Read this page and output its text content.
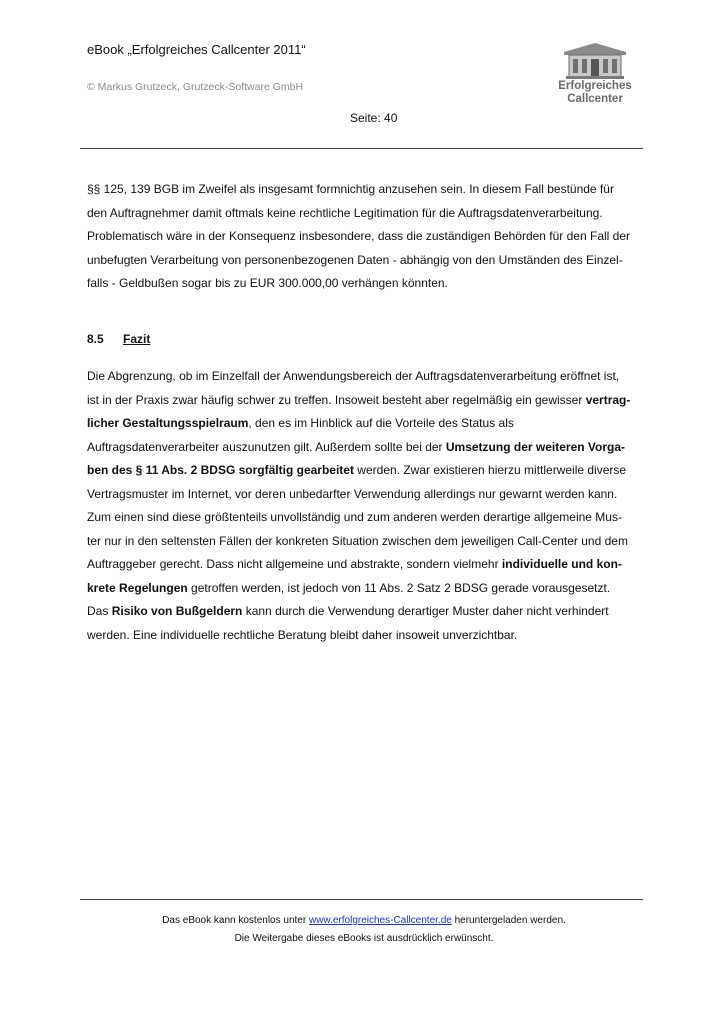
eBook „Erfolgreiches Callcenter 2011“
© Markus Grutzeck, Grutzeck-Software GmbH
Seite: 40
Erfolgreiches
Callcenter
§§ 125, 139 BGB im Zweifel als insgesamt formnichtig anzusehen sein. In diesem Fall bestünde für
den Auftragnehmer damit oftmals keine rechtliche Legitimation für die Auftragsdatenverarbeitung.
Problematisch wäre in der Konsequenz insbesondere, dass die zuständigen Behörden für den Fall der
unbefugten Verarbeitung von personenbezogenen Daten - abhängig von den Umständen des Einzel-
falls - Geldbußen sogar bis zu EUR 300.000,00 verhängen könnten.
8.5 Fazit
Die Abgrenzung, ob im Einzelfall der Anwendungsbereich der Auftragsdatenverarbeitung eröffnet ist,
ist in der Praxis zwar häufig schwer zu treffen. Insoweit besteht aber regelmäßig ein gewisser vertrag-
licher Gestaltungsspielraum, den es im Hinblick auf die Vorteile des Status als
Auftragsdatenverarbeiter auszunutzen gilt. Außerdem sollte bei der Umsetzung der weiteren Vorga-
ben des § 11 Abs. 2 BDSG sorgfältig gearbeitet werden. Zwar existieren hierzu mittlerweile diverse
Vertragsmuster im Internet, vor deren unbedarfter Verwendung allerdings nur gewarnt werden kann.
Zum einen sind diese größtenteils unvollständig und zum anderen werden derartige allgemeine Mus-
ter nur in den seltensten Fällen der konkreten Situation zwischen dem jeweiligen Call-Center und dem
Auftraggeber gerecht. Dass nicht allgemeine und abstrakte, sondern vielmehr individuelle und kon-
krete Regelungen getroffen werden, ist jedoch von 11 Abs. 2 Satz 2 BDSG gerade vorausgesetzt.
Das Risiko von Bußgeldern kann durch die Verwendung derartiger Muster daher nicht verhindert
werden. Eine individuelle rechtliche Beratung bleibt daher insoweit unverzichtbar.
Das eBook kann kostenlos unter www.erfolgreiches-Callcenter.de heruntergeladen werden.
Die Weitergabe dieses eBooks ist ausdrücklich erwünscht.
